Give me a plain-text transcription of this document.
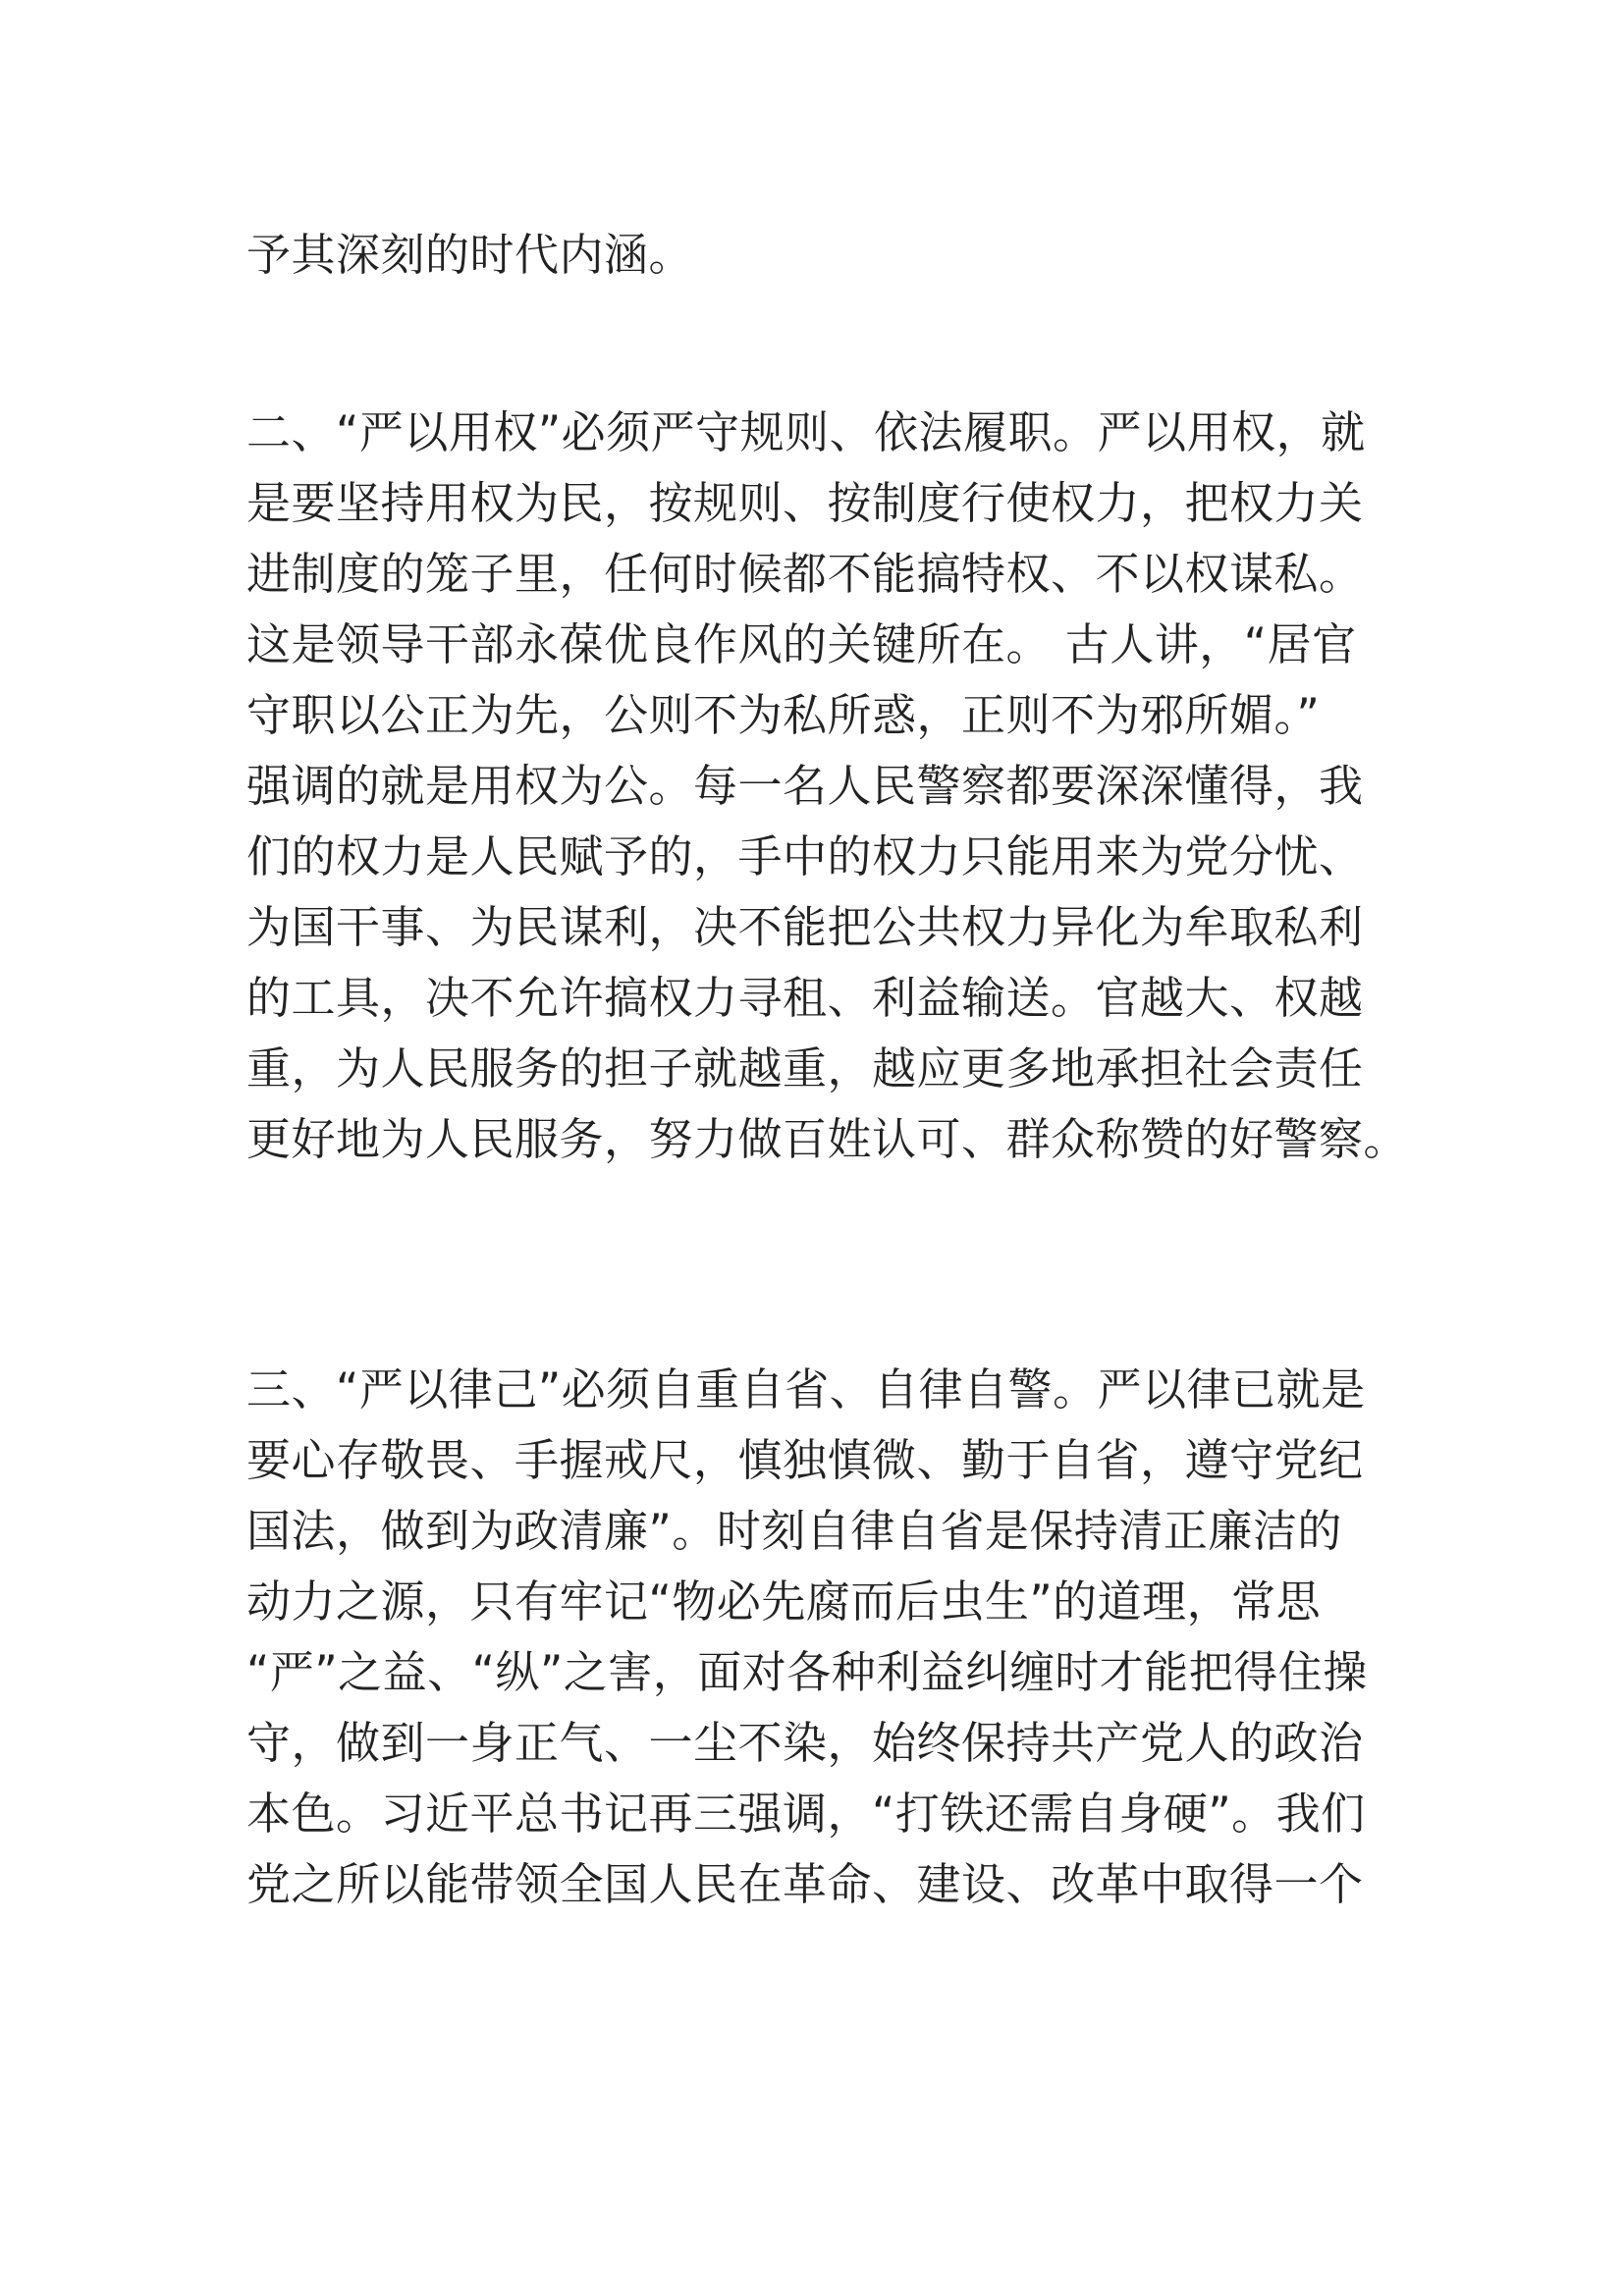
予其深刻的时代内涵。
二、“严以用权”必须严守规则、依法履职。严以用权，就
是要坚持用权为民，按规则、按制度行使权力，把权力关
进制度的笼子里，任何时候都不能搞特权、不以权谋私。
这是领导干部永葆优良作风的关键所在。 古人讲，“居官
守职以公正为先，公则不为私所惑，正则不为邪所媚。”
强调的就是用权为公。每一名人民警察都要深深懂得，我
们的权力是人民赋予的，手中的权力只能用来为党分忧、
为国干事、为民谋利，决不能把公共权力异化为牟取私利
的工具，决不允许搞权力寻租、利益输送。官越大、权越
重，为人民服务的担子就越重，越应更多地承担社会责任
更好地为人民服务，努力做百姓认可、群众称赞的好警察。
三、“严以律己”必须自重自省、自律自警。严以律已就是
要心存敬畏、手握戒尺，慎独慎微、勤于自省，遵守党纪
国法，做到为政清廉”。时刻自律自省是保持清正廉洁的
动力之源，只有牢记“物必先腐而后虫生”的道理，常思
“严”之益、“纵”之害，面对各种利益纠缠时才能把得住操
守，做到一身正气、一尘不染，始终保持共产党人的政治
本色。习近平总书记再三强调，“打铁还需自身硬”。我们
党之所以能带领全国人民在革命、建设、改革中取得一个
